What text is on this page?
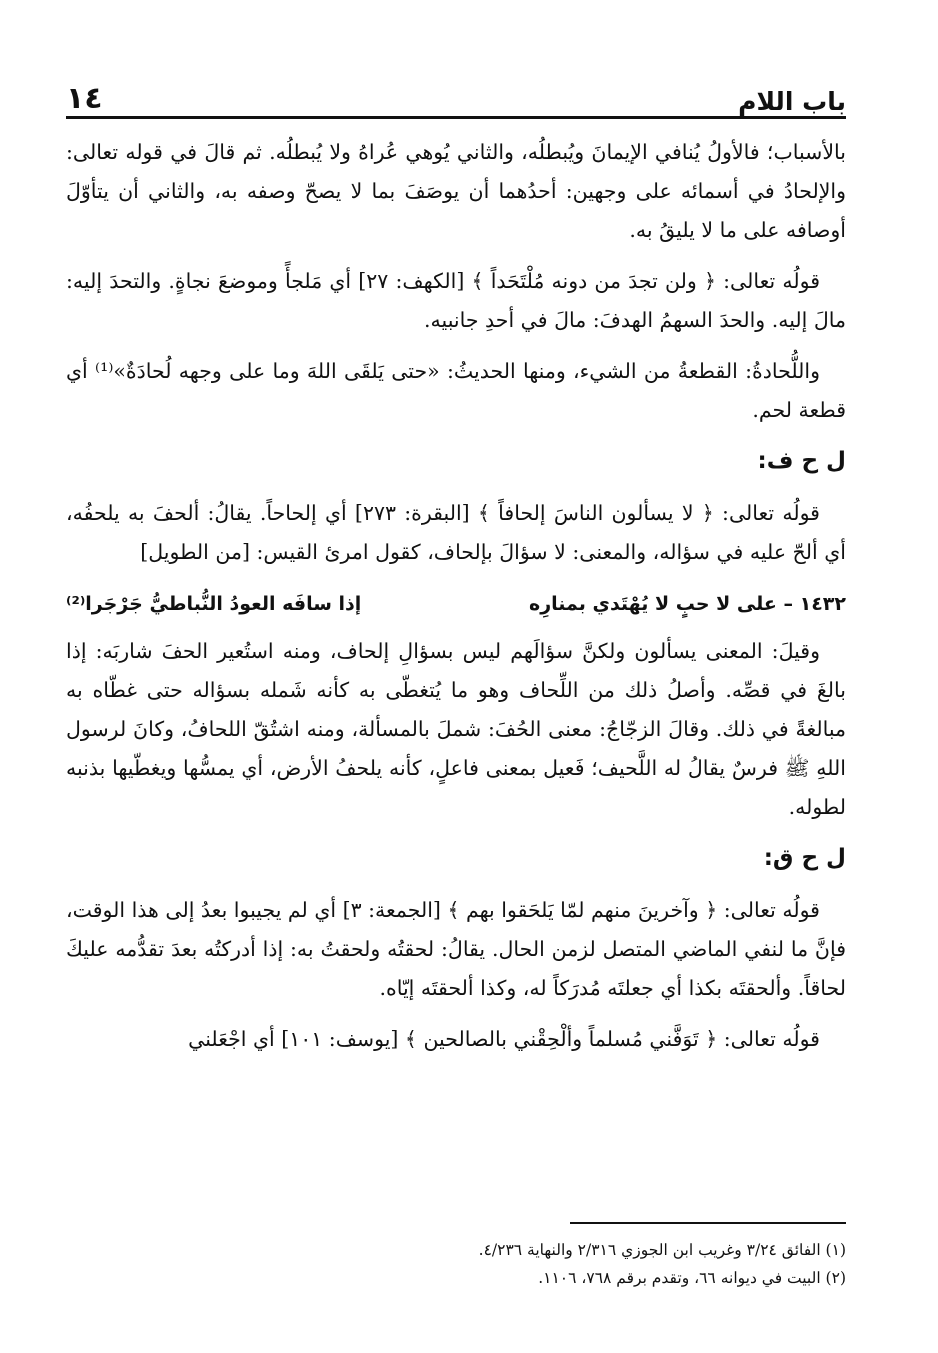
باب اللام
١٤

بالأسباب؛ فالأولُ يُنافي الإيمانَ ويُبطلُه، والثاني يُوهي عُراهُ ولا يُبطلُه. ثم قالَ في قوله تعالى: والإلحادُ في أسمائه على وجهين: أحدُهما أن يوصَفَ بما لا يصحّ وصفه به، والثاني أن يتأوّلَ أوصافه على ما لا يليقُ به.

قولُه تعالى: ﴿ ولن تجدَ من دونه مُلْتَحَداً ﴾ [الكهف: ٢٧] أي مَلجأً وموضعَ نجاةٍ. والتحدَ إليه: مالَ إليه. والحدَ السهمُ الهدفَ: مالَ في أحدِ جانبيه.

واللُّحادةُ: القطعةُ من الشيء، ومنها الحديثُ: «حتى يَلقَى اللهَ وما على وجهه لُحادَةٌ»⁽¹⁾ أي قطعة لحم.

ل ح ف:

قولُه تعالى: ﴿ لا يسألون الناسَ إلحافاً ﴾ [البقرة: ٢٧٣] أي إلحاحاً. يقالُ: ألحفَ به يلحفُه، أي ألحّ عليه في سؤاله، والمعنى: لا سؤالَ بإلحاف، كقول امرئ القيس: [من الطويل]

١٤٣٢ – على لا حبٍ لا يُهْتَدي بمنارِه
إذا سافَه العودُ النُّباطيُّ جَرْجَرا⁽²⁾

وقيلَ: المعنى يسألون ولكنَّ سؤالَهم ليس بسؤالِ إلحاف، ومنه استُعير الحفَ شاربَه: إذا بالغَ في قصِّه. وأصلُ ذلك من اللِّحاف وهو ما يُتغطّى به كأنه شَمله بسؤاله حتى غطّاه به مبالغةً في ذلك. وقالَ الزجّاجُ: معنى الحُفَ: شملَ بالمسألة، ومنه اشتُقّ اللحافُ، وكانَ لرسول اللهِ ﷺ فرسٌ يقالُ له اللَّحيف؛ فَعيل بمعنى فاعلٍ، كأنه يلحفُ الأرض، أي يمسُّها ويغطّيها بذنبه لطوله.

ل ح ق:

قولُه تعالى: ﴿ وآخرينَ منهم لمّا يَلحَقوا بهم ﴾ [الجمعة: ٣] أي لم يجيبوا بعدُ إلى هذا الوقت، فإنَّ ما لنفي الماضي المتصل لزمن الحال. يقالُ: لحقتُه ولحقتُ به: إذا أدركتُه بعدَ تقدُّمه عليكَ لحاقاً. وألحقتَه بكذا أي جعلتَه مُدرَكاً له، وكذا ألحقتَه إيّاه.

قولُه تعالى: ﴿ تَوَفَّني مُسلماً وألْحِقْني بالصالحين ﴾ [يوسف: ١٠١] أي اجْعَلني

(١) الفائق ٣/٢٤ وغريب ابن الجوزي ٢/٣١٦ والنهاية ٤/٢٣٦.

(٢) البيت في ديوانه ٦٦، وتقدم برقم ٧٦٨، ١١٠٦.
